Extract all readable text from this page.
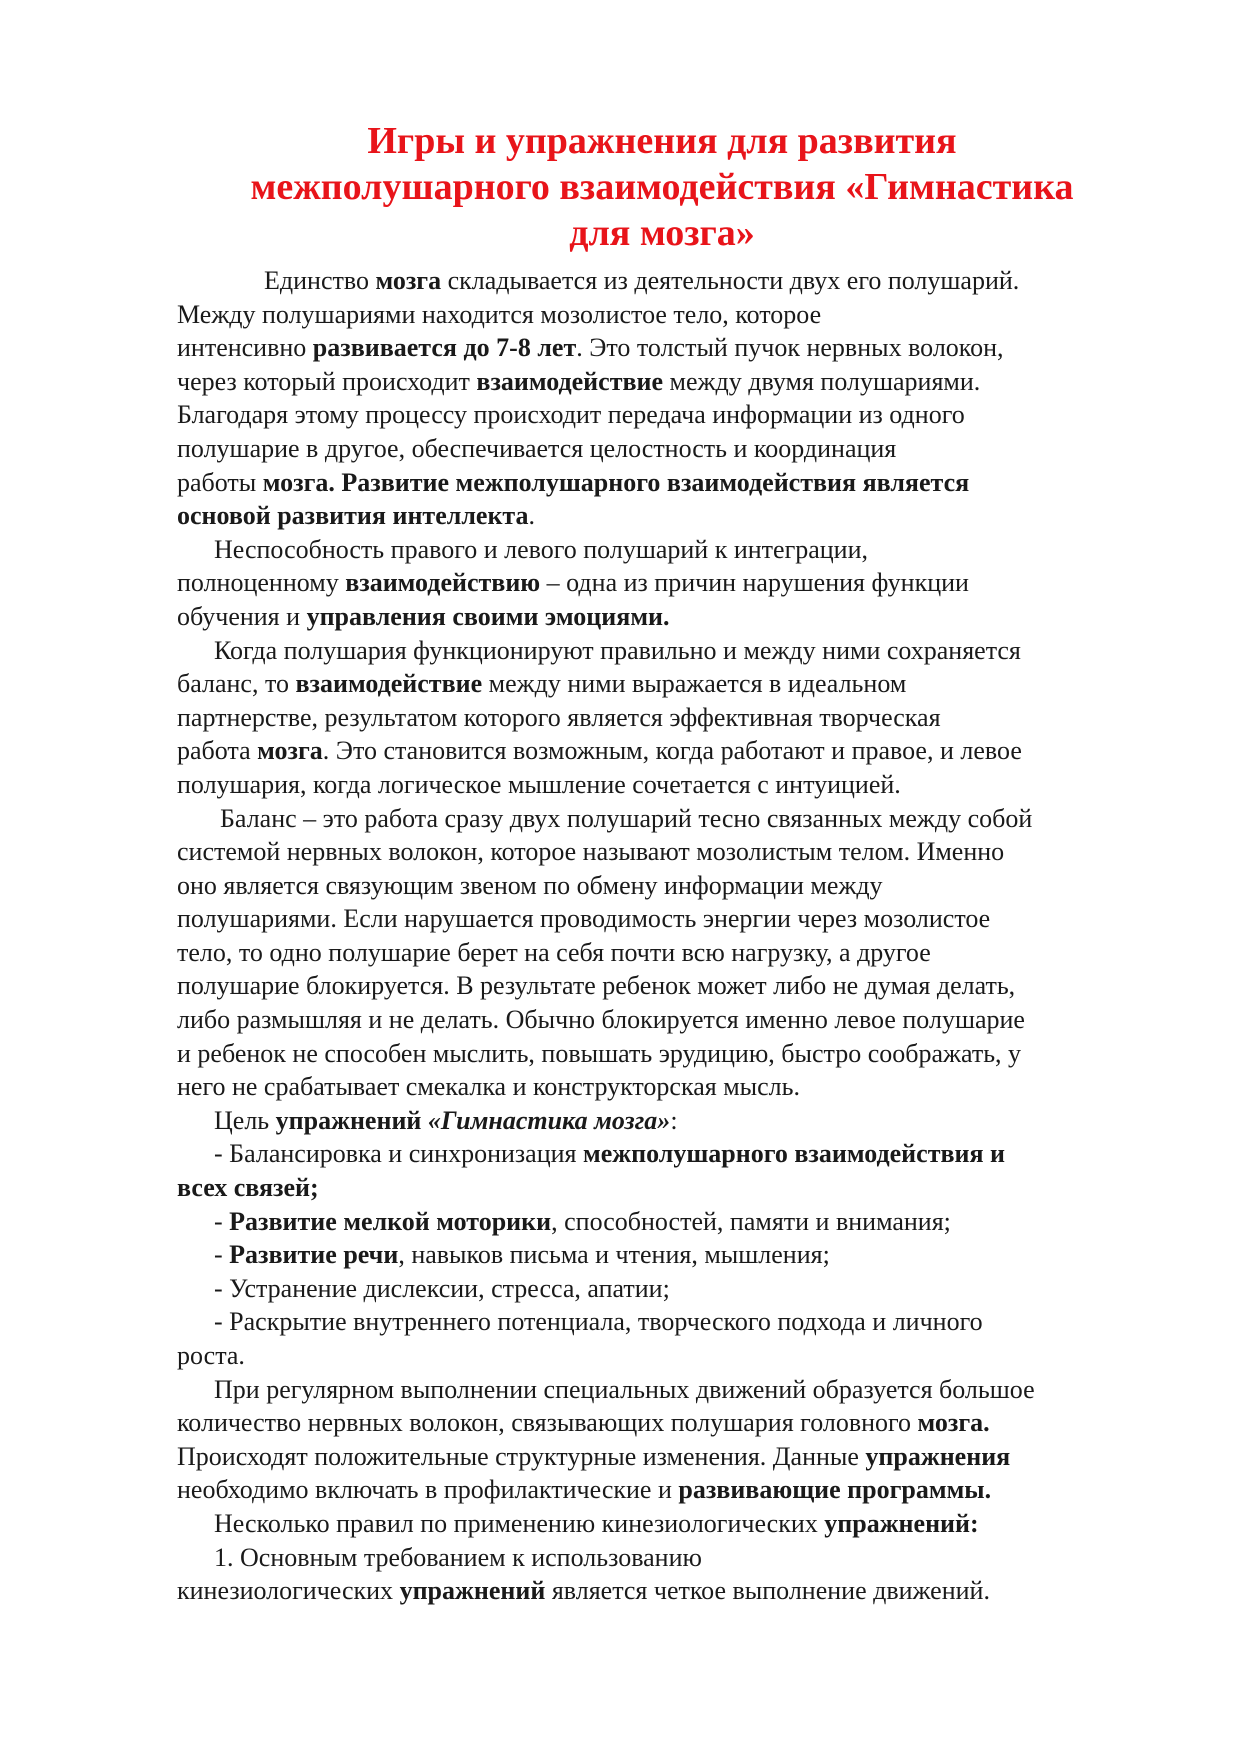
Игры и упражнения для развития
межполушарного взаимодействия «Гимнастика
для мозга»

Единство мозга складывается из деятельности двух его полушарий.
Между полушариями находится мозолистое тело, которое
интенсивно развивается до 7-8 лет. Это толстый пучок нервных волокон,
через который происходит взаимодействие между двумя полушариями.
Благодаря этому процессу происходит передача информации из одного
полушарие в другое, обеспечивается целостность и координация
работы мозга. Развитие межполушарного взаимодействия является
основой развития интеллекта.

Неспособность правого и левого полушарий к интеграции,
полноценному взаимодействию – одна из причин нарушения функции
обучения и управления своими эмоциями.

Когда полушария функционируют правильно и между ними сохраняется
баланс, то взаимодействие между ними выражается в идеальном
партнерстве, результатом которого является эффективная творческая
работа мозга. Это становится возможным, когда работают и правое, и левое
полушария, когда логическое мышление сочетается с интуицией.

Баланс – это работа сразу двух полушарий тесно связанных между собой
системой нервных волокон, которое называют мозолистым телом. Именно
оно является связующим звеном по обмену информации между
полушариями. Если нарушается проводимость энергии через мозолистое
тело, то одно полушарие берет на себя почти всю нагрузку, а другое
полушарие блокируется. В результате ребенок может либо не думая делать,
либо размышляя и не делать. Обычно блокируется именно левое полушарие
и ребенок не способен мыслить, повышать эрудицию, быстро соображать, у
него не срабатывает смекалка и конструкторская мысль.

Цель упражнений «Гимнастика мозга»:

- Балансировка и синхронизация межполушарного взаимодействия и
всех связей;

- Развитие мелкой моторики, способностей, памяти и внимания;

- Развитие речи, навыков письма и чтения, мышления;

- Устранение дислексии, стресса, апатии;

- Раскрытие внутреннего потенциала, творческого подхода и личного
роста.

При регулярном выполнении специальных движений образуется большое
количество нервных волокон, связывающих полушария головного мозга.
Происходят положительные структурные изменения. Данные упражнения
необходимо включать в профилактические и развивающие программы.

Несколько правил по применению кинезиологических упражнений:

1. Основным требованием к использованию
кинезиологических упражнений является четкое выполнение движений.
